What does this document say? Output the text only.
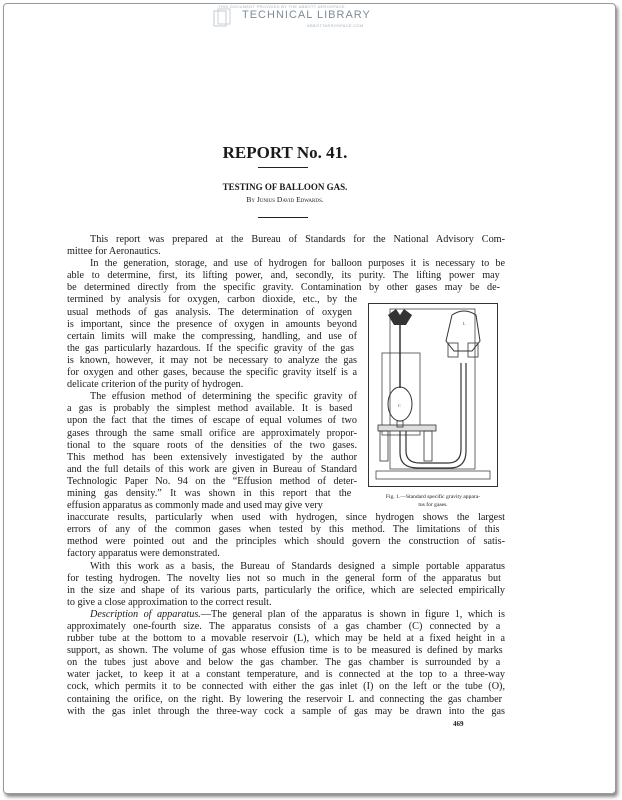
THIS DOCUMENT PROVIDED BY THE ABBOTT AEROSPACE
TECHNICAL LIBRARY
ABBOTTAEROSPACE.COM
REPORT No. 41.
TESTING OF BALLOON GAS.
By Junius David Edwards.
This report was prepared at the Bureau of Standards for the National Advisory Com-
mittee for Aeronautics.
In the generation, storage, and use of hydrogen for balloon purposes it is necessary to be
able to determine, first, its lifting power, and, secondly, its purity. The lifting power may
be determined directly from the specific gravity. Contamination by other gases may be de-
termined by analysis for oxygen, carbon dioxide, etc., by the
usual methods of gas analysis. The determination of oxygen
is important, since the presence of oxygen in amounts beyond
certain limits will make the compressing, handling, and use of
the gas particularly hazardous. If the specific gravity of the gas
is known, however, it may not be necessary to analyze the gas
for oxygen and other gases, because the specific gravity itself is a
delicate criterion of the purity of hydrogen.
The effusion method of determining the specific gravity of
a gas is probably the simplest method available. It is based
upon the fact that the times of escape of equal volumes of two
gases through the same small orifice are approximately propor-
tional to the square roots of the densities of the two gases.
This method has been extensively investigated by the author
and the full details of this work are given in Bureau of Standard
Technologic Paper No. 94 on the “Effusion method of deter-
mining gas density.” It was shown in this report that the
effusion apparatus as commonly made and used may give very
inaccurate results, particularly when used with hydrogen, since hydrogen shows the largest
errors of any of the common gases when tested by this method. The limitations of this
method were pointed out and the principles which should govern the construction of satis-
factory apparatus were demonstrated.
With this work as a basis, the Bureau of Standards designed a simple portable apparatus
for testing hydrogen. The novelty lies not so much in the general form of the apparatus but
in the size and shape of its various parts, particularly the orifice, which are selected empirically
to give a close approximation to the correct result.
Description of apparatus.—The general plan of the apparatus is shown in figure 1, which is
approximately one-fourth size. The apparatus consists of a gas chamber (C) connected by a
rubber tube at the bottom to a movable reservoir (L), which may be held at a fixed height in a
support, as shown. The volume of gas whose effusion time is to be measured is defined by marks
on the tubes just above and below the gas chamber. The gas chamber is surrounded by a
water jacket, to keep it at a constant temperature, and is connected at the top to a three-way
cock, which permits it to be connected with either the gas inlet (I) on the left or the tube (O),
containing the orifice, on the right. By lowering the reservoir L and connecting the gas chamber
with the gas inlet through the three-way cock a sample of gas may be drawn into the gas
C
L
Fig. 1.—Standard specific gravity appara-
tus for gases.
469
